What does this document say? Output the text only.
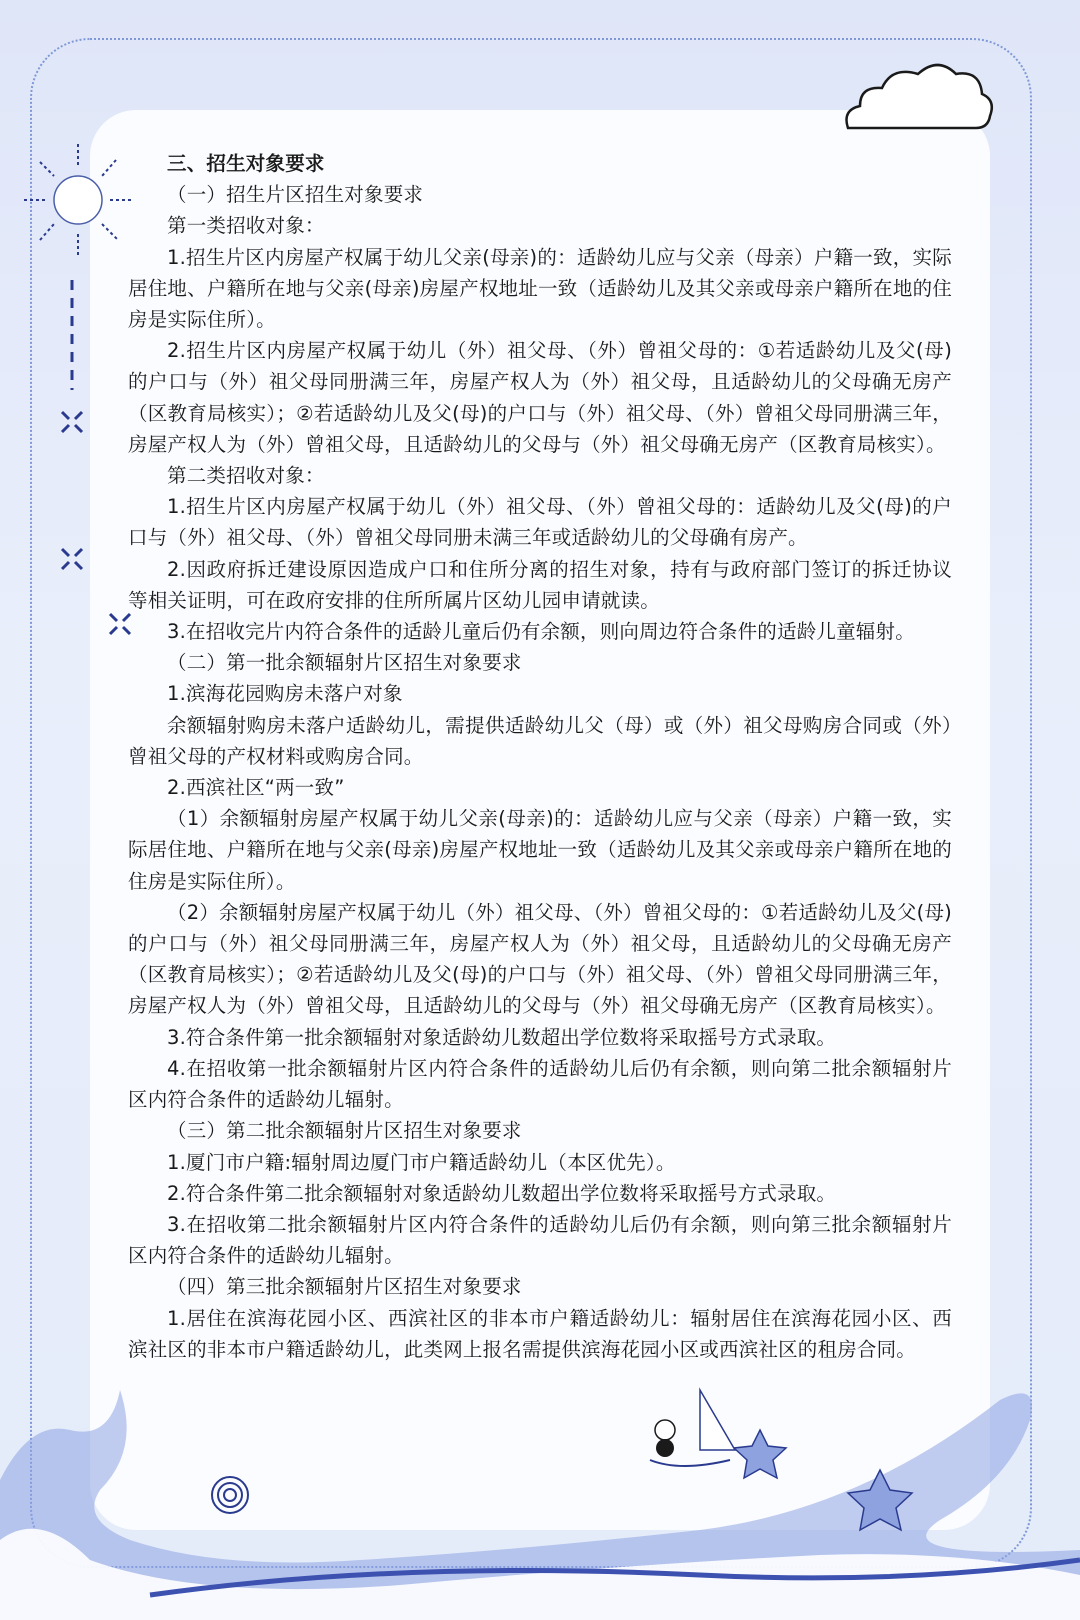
三、招生对象要求

（一）招生片区招生对象要求

第一类招收对象：

1.招生片区内房屋产权属于幼儿父亲(母亲)的：适龄幼儿应与父亲（母亲）户籍一致，实际居住地、户籍所在地与父亲(母亲)房屋产权地址一致（适龄幼儿及其父亲或母亲户籍所在地的住房是实际住所）。

2.招生片区内房屋产权属于幼儿（外）祖父母、（外）曾祖父母的：①若适龄幼儿及父(母)的户口与（外）祖父母同册满三年，房屋产权人为（外）祖父母，且适龄幼儿的父母确无房产（区教育局核实）；②若适龄幼儿及父(母)的户口与（外）祖父母、（外）曾祖父母同册满三年，房屋产权人为（外）曾祖父母，且适龄幼儿的父母与（外）祖父母确无房产（区教育局核实）。

第二类招收对象：

1.招生片区内房屋产权属于幼儿（外）祖父母、（外）曾祖父母的：适龄幼儿及父(母)的户口与（外）祖父母、（外）曾祖父母同册未满三年或适龄幼儿的父母确有房产。

2.因政府拆迁建设原因造成户口和住所分离的招生对象，持有与政府部门签订的拆迁协议等相关证明，可在政府安排的住所所属片区幼儿园申请就读。

3.在招收完片内符合条件的适龄儿童后仍有余额，则向周边符合条件的适龄儿童辐射。

（二）第一批余额辐射片区招生对象要求

1.滨海花园购房未落户对象

余额辐射购房未落户适龄幼儿，需提供适龄幼儿父（母）或（外）祖父母购房合同或（外）曾祖父母的产权材料或购房合同。

2.西滨社区“两一致”

（1）余额辐射房屋产权属于幼儿父亲(母亲)的：适龄幼儿应与父亲（母亲）户籍一致，实际居住地、户籍所在地与父亲(母亲)房屋产权地址一致（适龄幼儿及其父亲或母亲户籍所在地的住房是实际住所）。

（2）余额辐射房屋产权属于幼儿（外）祖父母、（外）曾祖父母的：①若适龄幼儿及父(母)的户口与（外）祖父母同册满三年，房屋产权人为（外）祖父母，且适龄幼儿的父母确无房产（区教育局核实）；②若适龄幼儿及父(母)的户口与（外）祖父母、（外）曾祖父母同册满三年，房屋产权人为（外）曾祖父母，且适龄幼儿的父母与（外）祖父母确无房产（区教育局核实）。

3.符合条件第一批余额辐射对象适龄幼儿数超出学位数将采取摇号方式录取。

4.在招收第一批余额辐射片区内符合条件的适龄幼儿后仍有余额，则向第二批余额辐射片区内符合条件的适龄幼儿辐射。

（三）第二批余额辐射片区招生对象要求

1.厦门市户籍:辐射周边厦门市户籍适龄幼儿（本区优先）。

2.符合条件第二批余额辐射对象适龄幼儿数超出学位数将采取摇号方式录取。

3.在招收第二批余额辐射片区内符合条件的适龄幼儿后仍有余额，则向第三批余额辐射片区内符合条件的适龄幼儿辐射。

（四）第三批余额辐射片区招生对象要求

1.居住在滨海花园小区、西滨社区的非本市户籍适龄幼儿：辐射居住在滨海花园小区、西滨社区的非本市户籍适龄幼儿，此类网上报名需提供滨海花园小区或西滨社区的租房合同。
